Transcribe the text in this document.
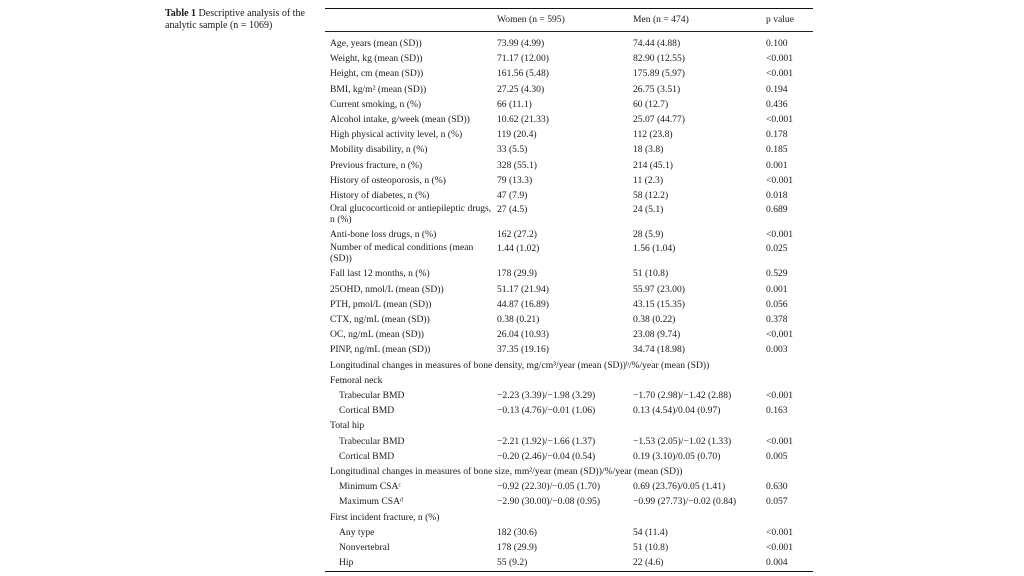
Table 1 Descriptive analysis of the analytic sample (n = 1069)
	Women (n = 595)	Men (n = 474)	p value
Age, years (mean (SD))	73.99 (4.99)	74.44 (4.88)	0.100
Weight, kg (mean (SD))	71.17 (12.00)	82.90 (12.55)	<0.001
Height, cm (mean (SD))	161.56 (5.48)	175.89 (5.97)	<0.001
BMI, kg/m² (mean (SD))	27.25 (4.30)	26.75 (3.51)	0.194
Current smoking, n (%)	66 (11.1)	60 (12.7)	0.436
Alcohol intake, g/week (mean (SD))	10.62 (21.33)	25.07 (44.77)	<0.001
High physical activity level, n (%)	119 (20.4)	112 (23.8)	0.178
Mobility disability, n (%)	33 (5.5)	18 (3.8)	0.185
Previous fracture, n (%)	328 (55.1)	214 (45.1)	0.001
History of osteoporosis, n (%)	79 (13.3)	11 (2.3)	<0.001
History of diabetes, n (%)	47 (7.9)	58 (12.2)	0.018
Oral glucocorticoid or antiepileptic drugs, n (%)	27 (4.5)	24 (5.1)	0.689
Anti-bone loss drugs, n (%)	162 (27.2)	28 (5.9)	<0.001
Number of medical conditions (mean (SD))	1.44 (1.02)	1.56 (1.04)	0.025
Fall last 12 months, n (%)	178 (29.9)	51 (10.8)	0.529
25OHD, nmol/L (mean (SD))	51.17 (21.94)	55.97 (23.00)	0.001
PTH, pmol/L (mean (SD))	44.87 (16.89)	43.15 (15.35)	0.056
CTX, ng/mL (mean (SD))	0.38 (0.21)	0.38 (0.22)	0.378
OC, ng/mL (mean (SD))	26.04 (10.93)	23.08 (9.74)	<0.001
PINP, ng/mL (mean (SD))	37.35 (19.16)	34.74 (18.98)	0.003
Longitudinal changes in measures of bone density, mg/cm³/year (mean (SD))ᵇ/%/year (mean (SD))			
Femoral neck			
Trabecular BMD	−2.23 (3.39)/−1.98 (3.29)	−1.70 (2.98)/−1.42 (2.88)	<0.001
Cortical BMD	−0.13 (4.76)/−0.01 (1.06)	0.13 (4.54)/0.04 (0.97)	0.163
Total hip			
Trabecular BMD	−2.21 (1.92)/−1.66 (1.37)	−1.53 (2.05)/−1.02 (1.33)	<0.001
Cortical BMD	−0.20 (2.46)/−0.04 (0.54)	0.19 (3.10)/0.05 (0.70)	0.005
Longitudinal changes in measures of bone size, mm²/year (mean (SD))/%/year (mean (SD))			
Minimum CSAᶜ	−0.92 (22.30)/−0.05 (1.70)	0.69 (23.76)/0.05 (1.41)	0.630
Maximum CSAᵈ	−2.90 (30.00)/−0.08 (0.95)	−0.99 (27.73)/−0.02 (0.84)	0.057
First incident fracture, n (%)			
Any type	182 (30.6)	54 (11.4)	<0.001
Nonvertebral	178 (29.9)	51 (10.8)	<0.001
Hip	55 (9.2)	22 (4.6)	0.004
